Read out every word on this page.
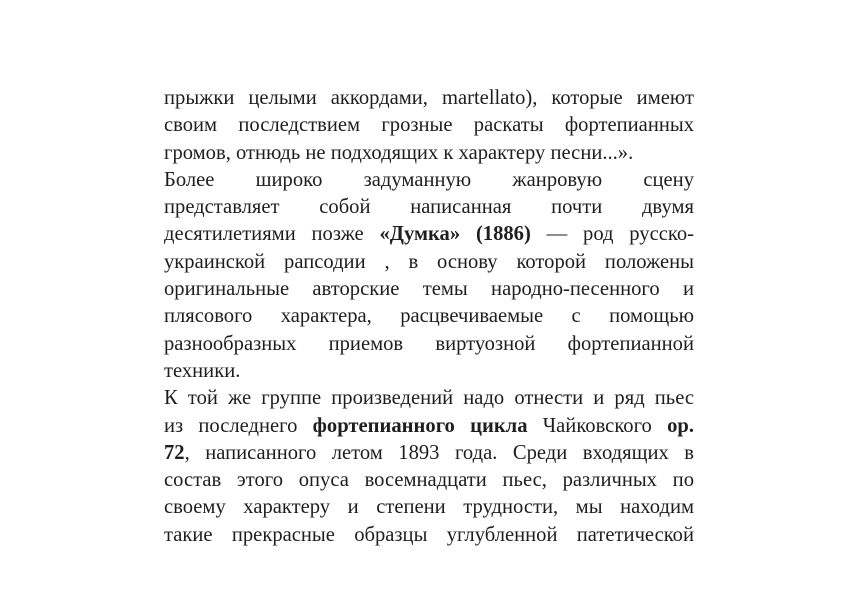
прыжки целыми аккордами, martellato), которые имеют
своим последствием грозные раскаты фортепианных
громов, отнюдь не подходящих к характеру песни...».
Более широко задуманную жанровую сцену
представляет собой написанная почти двумя
десятилетиями позже «Думка» (1886) — род русско-
украинской рапсодии , в основу которой положены
оригинальные авторские темы народно-песенного и
плясового характера, расцвечиваемые с помощью
разнообразных приемов виртуозной фортепианной
техники.
К той же группе произведений надо отнести и ряд пьес
из последнего фортепианного цикла Чайковского ор.
72, написанного летом 1893 года. Среди входящих в
состав этого опуса восемнадцати пьес, различных по
своему характеру и степени трудности, мы находим
такие прекрасные образцы углубленной патетической
